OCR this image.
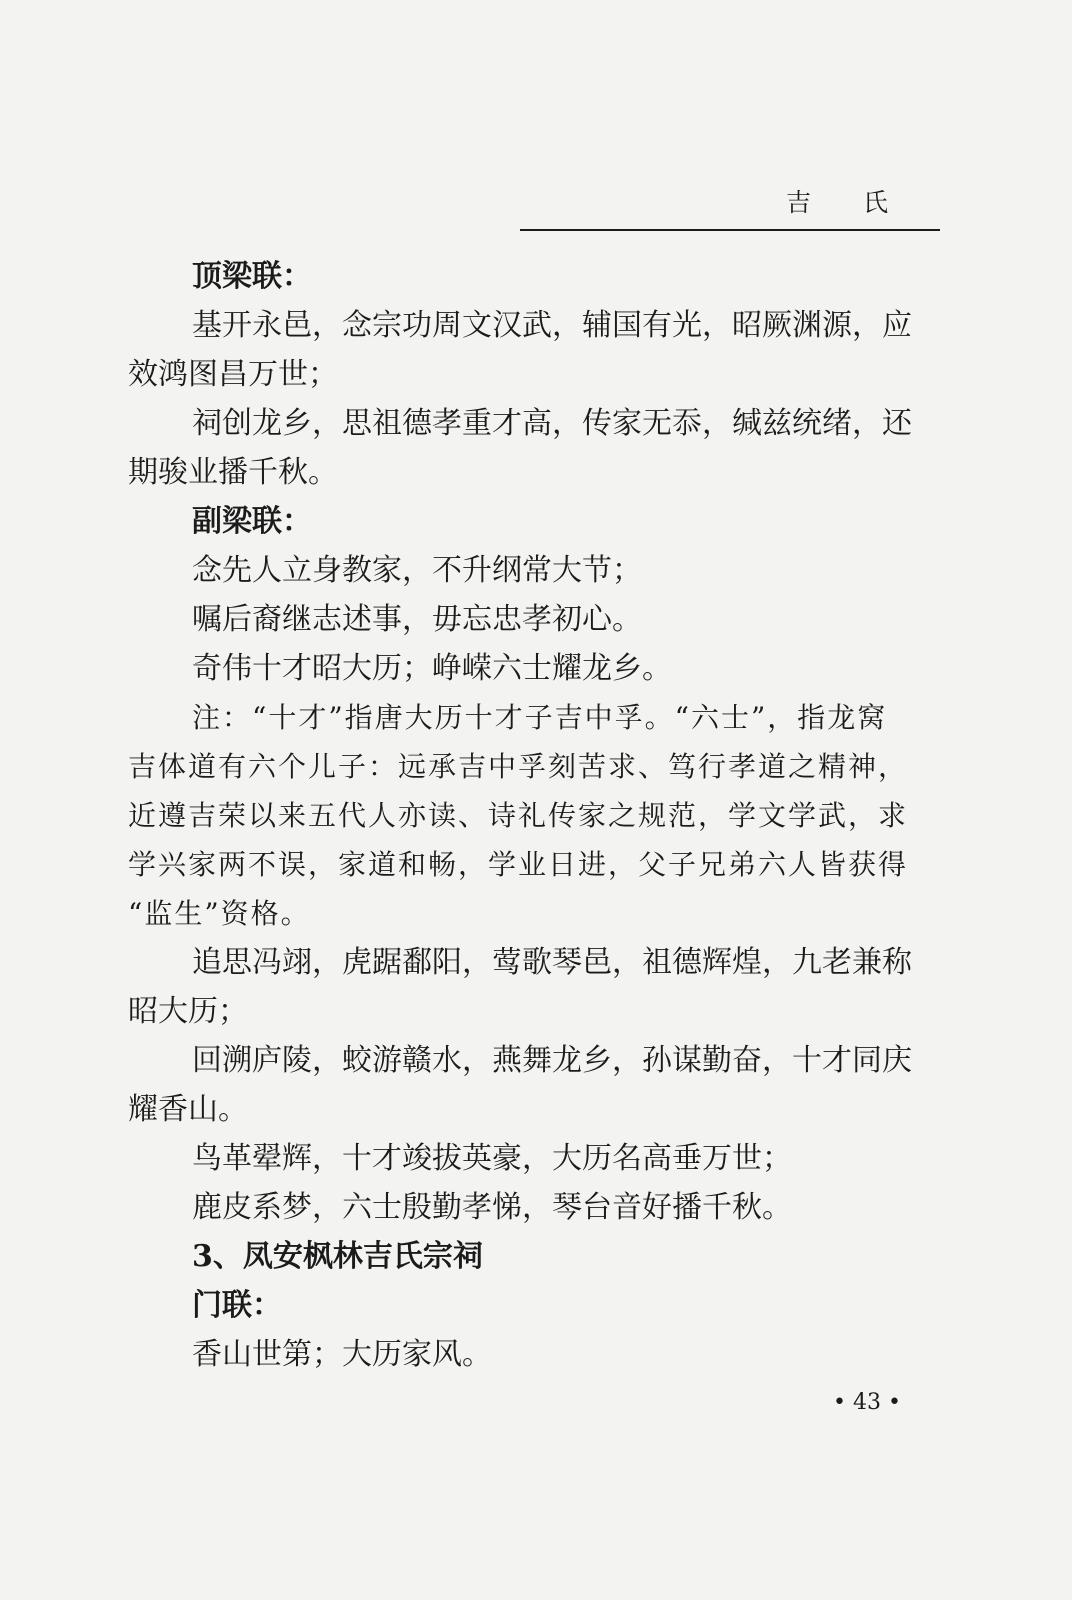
吉 氏
顶梁联：
基开永邑，念宗功周文汉武，辅国有光，昭厥渊源，应
效鸿图昌万世；
祠创龙乡，思祖德孝重才高，传家无忝，缄兹统绪，还
期骏业播千秋。
副梁联：
念先人立身教家，不升纲常大节；
嘱后裔继志述事，毋忘忠孝初心。
奇伟十才昭大历；峥嵘六士耀龙乡。
注：“十才”指唐大历十才子吉中孚。“六士”，指龙窝
吉体道有六个儿子：远承吉中孚刻苦求、笃行孝道之精神，
近遵吉荣以来五代人亦读、诗礼传家之规范，学文学武，求
学兴家两不误，家道和畅，学业日进，父子兄弟六人皆获得
“监生”资格。
追思冯翊，虎踞鄱阳，莺歌琴邑，祖德辉煌，九老兼称
昭大历；
回溯庐陵，蛟游赣水，燕舞龙乡，孙谋勤奋，十才同庆
耀香山。
鸟革翚辉，十才竣拔英豪，大历名高垂万世；
鹿皮系梦，六士殷勤孝悌，琴台音好播千秋。
3、凤安枫林吉氏宗祠
门联：
香山世第；大历家风。
• 43 •
